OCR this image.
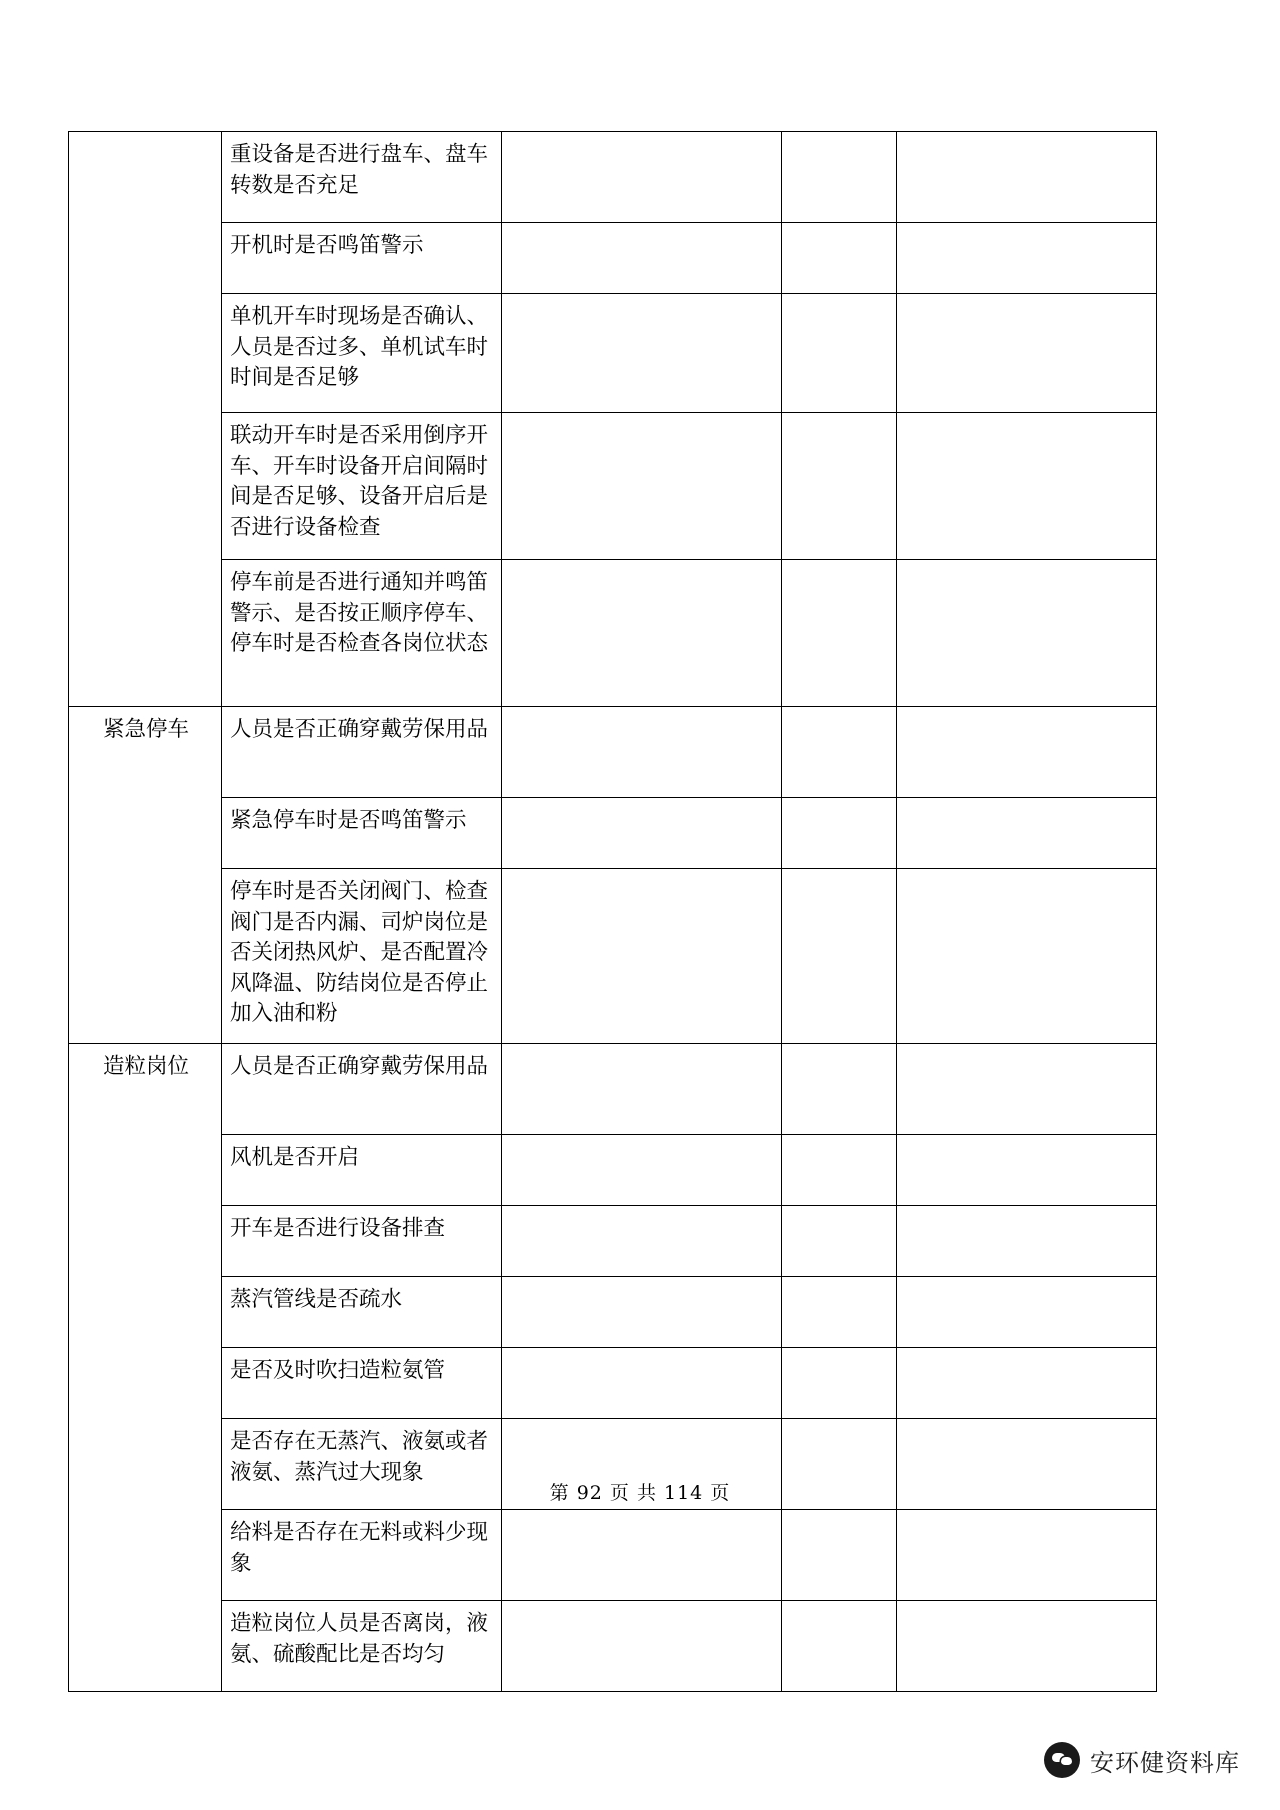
	重设备是否进行盘车、盘车转数是否充足			
	开机时是否鸣笛警示			
	单机开车时现场是否确认、人员是否过多、单机试车时时间是否足够			
	联动开车时是否采用倒序开车、开车时设备开启间隔时间是否足够、设备开启后是否进行设备检查			
	停车前是否进行通知并鸣笛警示、是否按正顺序停车、停车时是否检查各岗位状态			
紧急停车	人员是否正确穿戴劳保用品			
	紧急停车时是否鸣笛警示			
	停车时是否关闭阀门、检查阀门是否内漏、司炉岗位是否关闭热风炉、是否配置冷风降温、防结岗位是否停止加入油和粉			
造粒岗位	人员是否正确穿戴劳保用品			
	风机是否开启			
	开车是否进行设备排查			
	蒸汽管线是否疏水			
	是否及时吹扫造粒氨管			
	是否存在无蒸汽、液氨或者液氨、蒸汽过大现象			
	给料是否存在无料或料少现象			
	造粒岗位人员是否离岗，液氨、硫酸配比是否均匀			
第 92 页 共 114 页
安环健资料库
